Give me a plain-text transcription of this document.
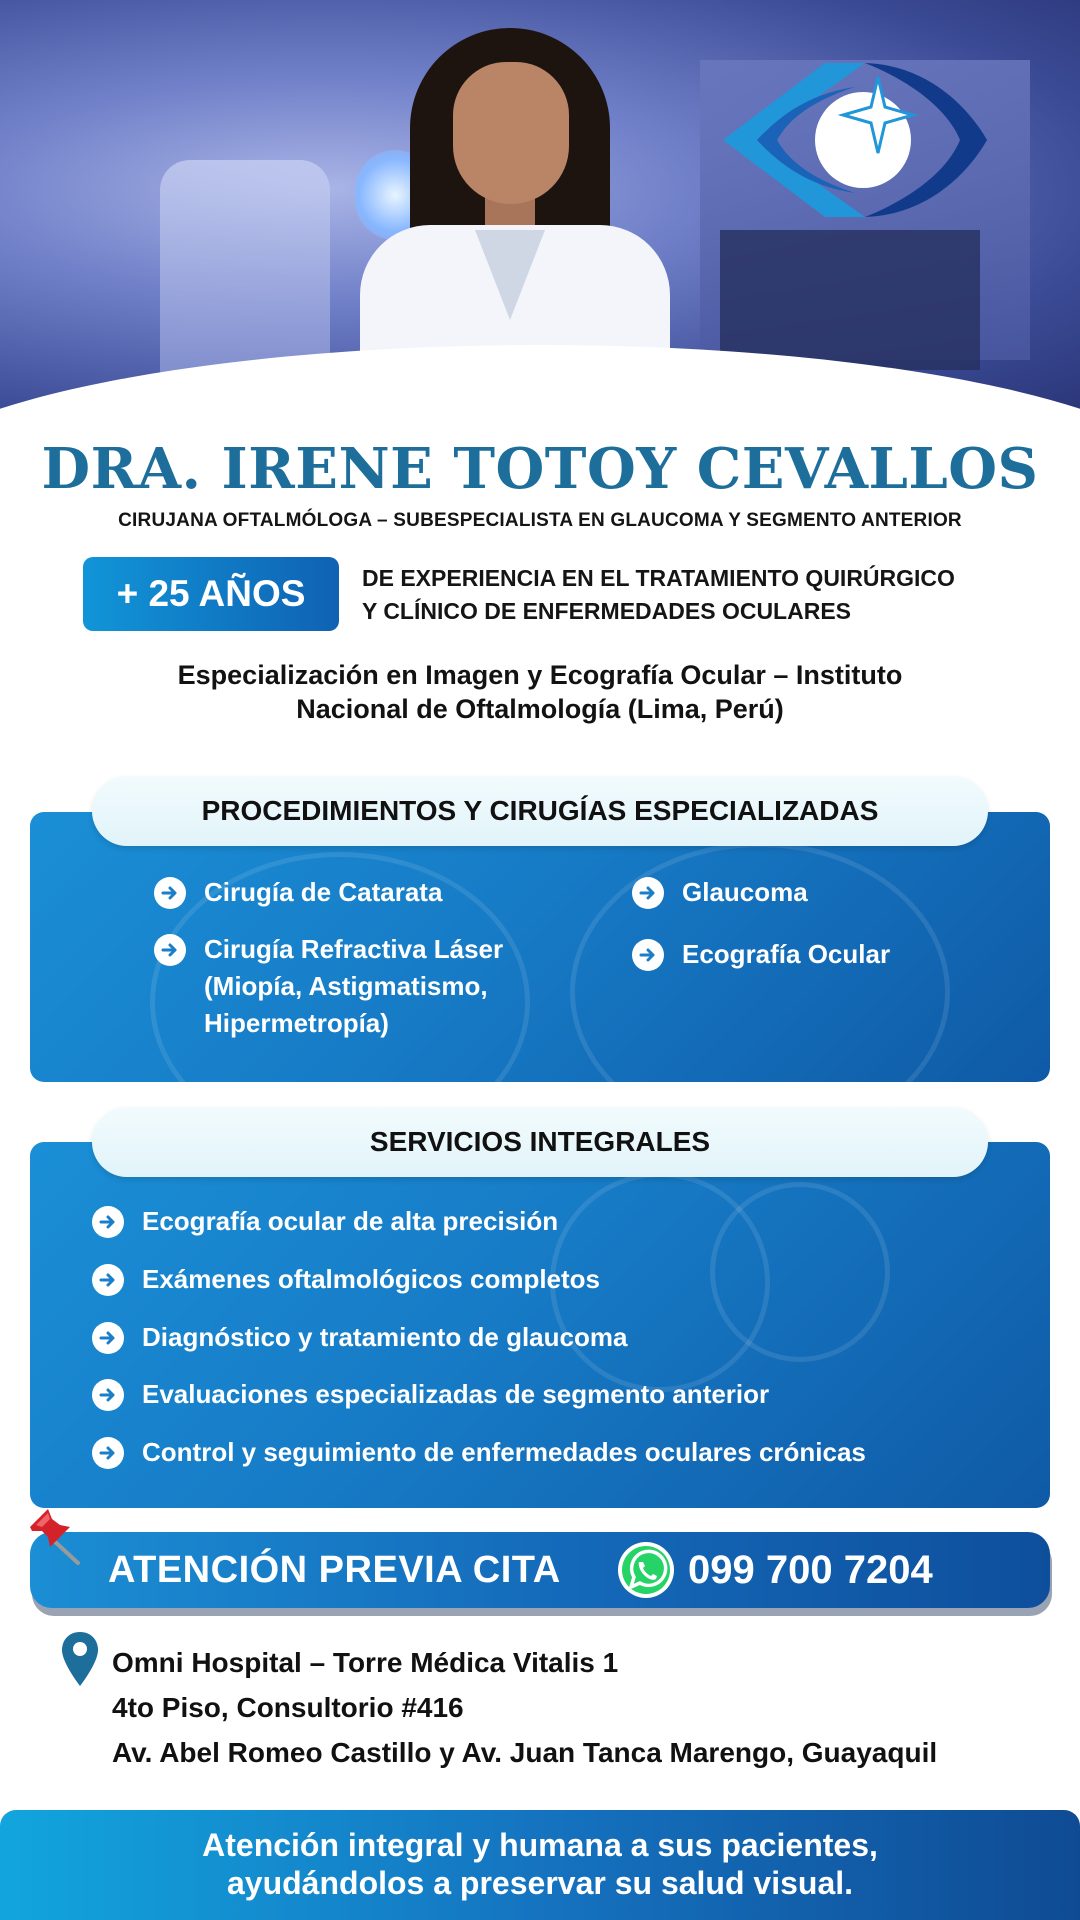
DRA. IRENE TOTOY CEVALLOS
CIRUJANA OFTALMÓLOGA – SUBESPECIALISTA EN GLAUCOMA Y SEGMENTO ANTERIOR
+ 25 AÑOS	DE EXPERIENCIA EN EL TRATAMIENTO QUIRÚRGICO
Y CLÍNICO DE ENFERMEDADES OCULARES
Especialización en Imagen y Ecografía Ocular – Instituto
Nacional de Oftalmología (Lima, Perú)
PROCEDIMIENTOS Y CIRUGÍAS ESPECIALIZADAS
Cirugía de Catarata
Cirugía Refractiva Láser
(Miopía, Astigmatismo,
Hipermetropía)
Glaucoma
Ecografía Ocular
SERVICIOS INTEGRALES
Ecografía ocular de alta precisión
Exámenes oftalmológicos completos
Diagnóstico y tratamiento de glaucoma
Evaluaciones especializadas de segmento anterior
Control y seguimiento de enfermedades oculares crónicas
ATENCIÓN PREVIA CITA	099 700 7204
Omni Hospital – Torre Médica Vitalis 1
4to Piso, Consultorio #416
Av. Abel Romeo Castillo y Av. Juan Tanca Marengo, Guayaquil
Atención integral y humana a sus pacientes,
ayudándolos a preservar su salud visual.
